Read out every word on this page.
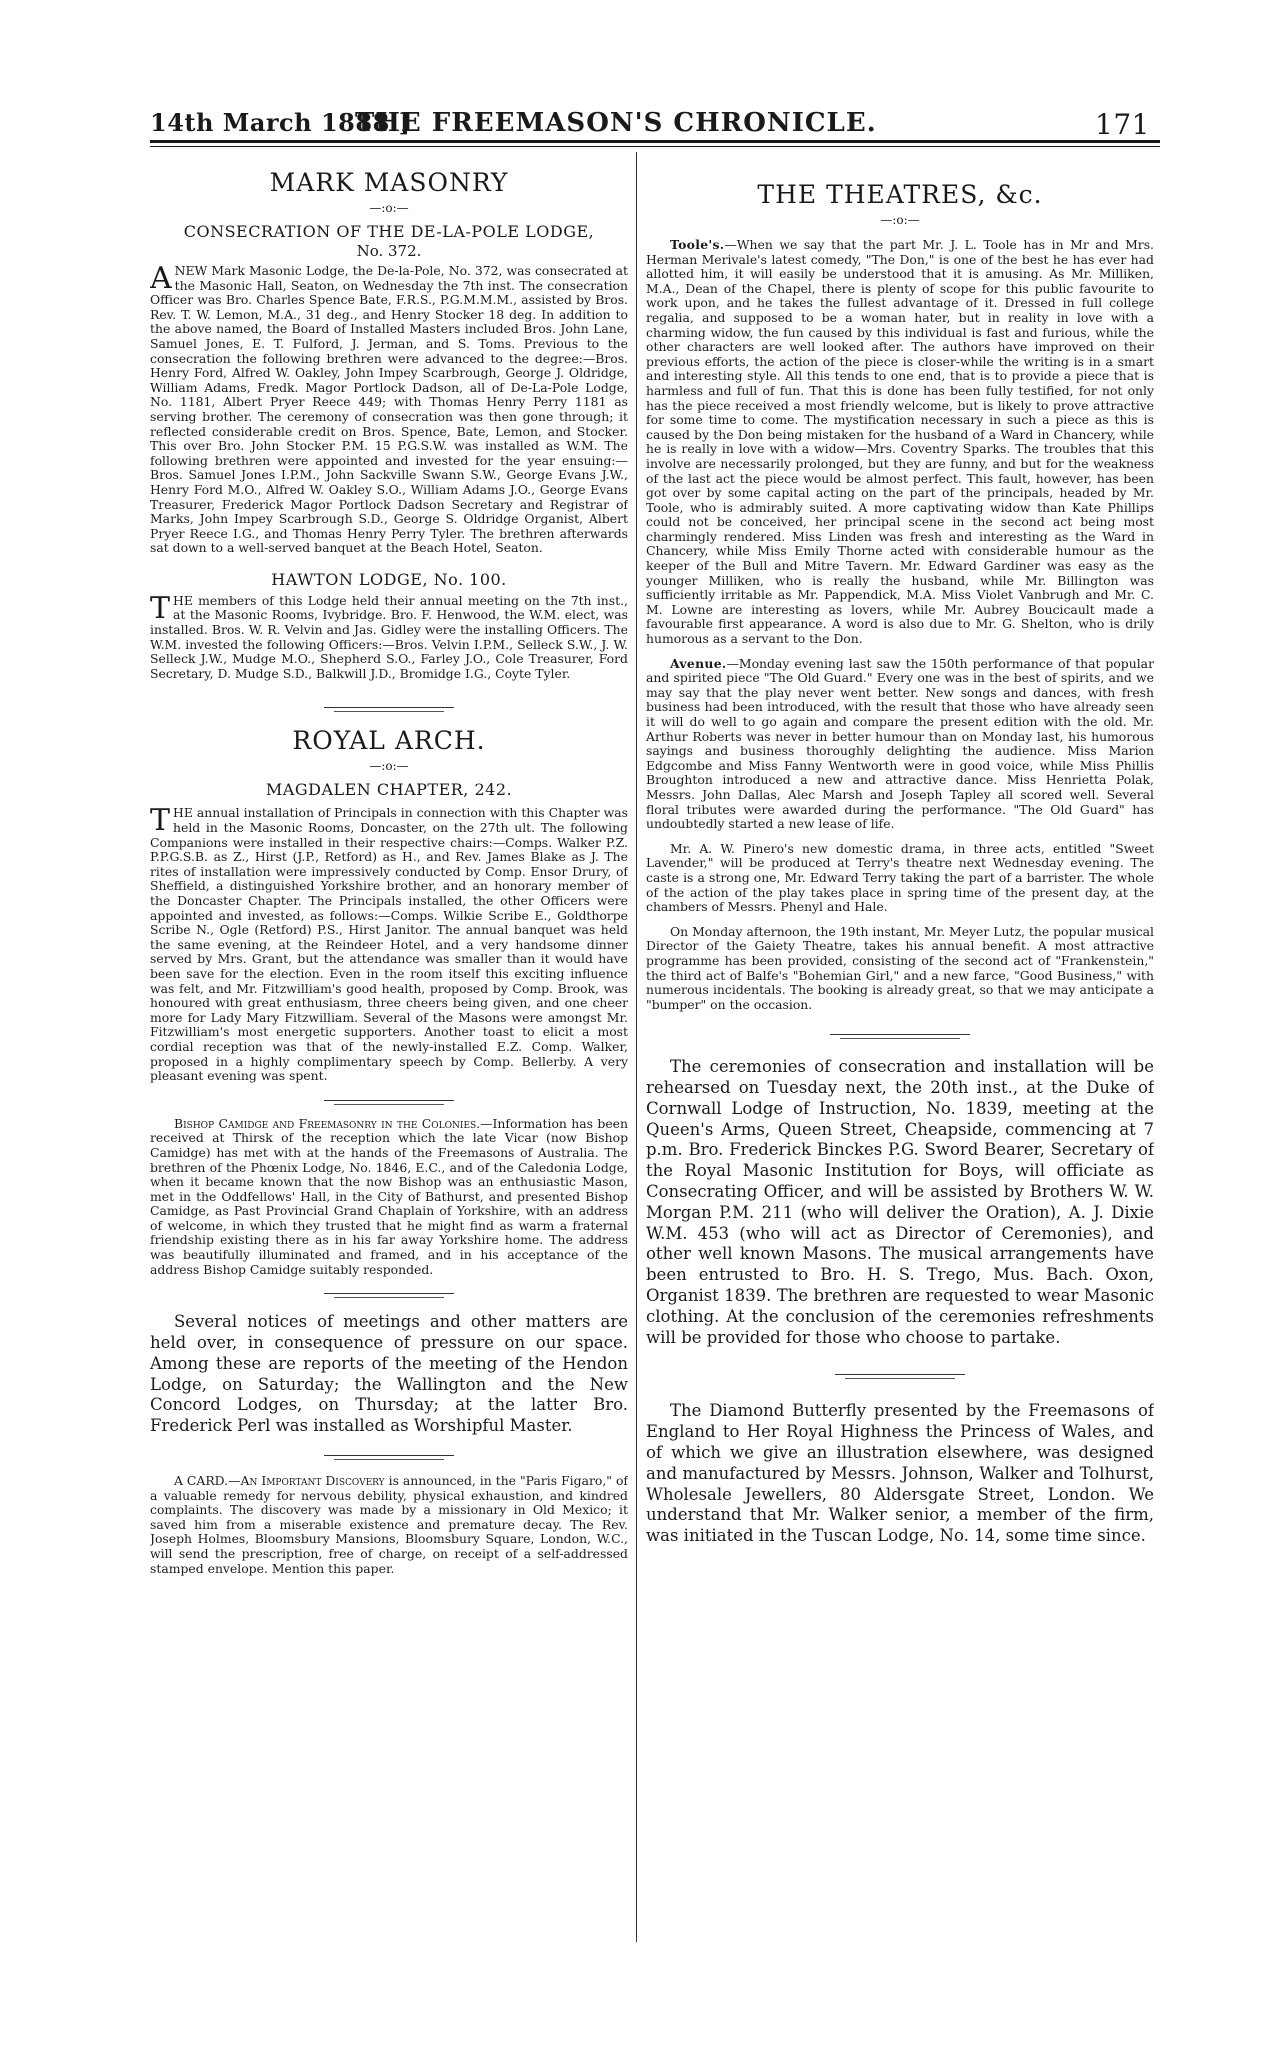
14th March 1888.]
THE FREEMASON'S CHRONICLE.	171
MARK MASONRY
—:o:—
CONSECRATION OF THE DE-LA-POLE LODGE,
No. 372.

ANEW Mark Masonic Lodge, the De-la-Pole, No. 372, was consecrated at the Masonic Hall, Seaton, on Wednesday the 7th inst. The consecration Officer was Bro. Charles Spence Bate, F.R.S., P.G.M.M.M., assisted by Bros. Rev. T. W. Lemon, M.A., 31 deg., and Henry Stocker 18 deg. In addition to the above named, the Board of Installed Masters included Bros. John Lane, Samuel Jones, E. T. Fulford, J. Jerman, and S. Toms. Previous to the consecration the following brethren were advanced to the degree:—Bros. Henry Ford, Alfred W. Oakley, John Impey Scarbrough, George J. Oldridge, William Adams, Fredk. Magor Portlock Dadson, all of De-La-Pole Lodge, No. 1181, Albert Pryer Reece 449; with Thomas Henry Perry 1181 as serving brother. The ceremony of consecration was then gone through; it reflected considerable credit on Bros. Spence, Bate, Lemon, and Stocker. This over Bro. John Stocker P.M. 15 P.G.S.W. was installed as W.M. The following brethren were appointed and invested for the year ensuing:—Bros. Samuel Jones I.P.M., John Sackville Swann S.W., George Evans J.W., Henry Ford M.O., Alfred W. Oakley S.O., William Adams J.O., George Evans Treasurer, Frederick Magor Portlock Dadson Secretary and Registrar of Marks, John Impey Scarbrough S.D., George S. Oldridge Organist, Albert Pryer Reece I.G., and Thomas Henry Perry Tyler. The brethren afterwards sat down to a well-served banquet at the Beach Hotel, Seaton.

HAWTON LODGE, No. 100.

THE members of this Lodge held their annual meeting on the 7th inst., at the Masonic Rooms, Ivybridge. Bro. F. Henwood, the W.M. elect, was installed. Bros. W. R. Velvin and Jas. Gidley were the installing Officers. The W.M. invested the following Officers:—Bros. Velvin I.P.M., Selleck S.W., J. W. Selleck J.W., Mudge M.O., Shepherd S.O., Farley J.O., Cole Treasurer, Ford Secretary, D. Mudge S.D., Balkwill J.D., Bromidge I.G., Coyte Tyler.

ROYAL ARCH.
—:o:—
MAGDALEN CHAPTER, 242.

THE annual installation of Principals in connection with this Chapter was held in the Masonic Rooms, Doncaster, on the 27th ult. The following Companions were installed in their respective chairs:—Comps. Walker P.Z. P.P.G.S.B. as Z., Hirst (J.P., Retford) as H., and Rev. James Blake as J. The rites of installation were impressively conducted by Comp. Ensor Drury, of Sheffield, a distinguished Yorkshire brother, and an honorary member of the Doncaster Chapter. The Principals installed, the other Officers were appointed and invested, as follows:—Comps. Wilkie Scribe E., Goldthorpe Scribe N., Ogle (Retford) P.S., Hirst Janitor. The annual banquet was held the same evening, at the Reindeer Hotel, and a very handsome dinner served by Mrs. Grant, but the attendance was smaller than it would have been save for the election. Even in the room itself this exciting influence was felt, and Mr. Fitzwilliam's good health, proposed by Comp. Brook, was honoured with great enthusiasm, three cheers being given, and one cheer more for Lady Mary Fitzwilliam. Several of the Masons were amongst Mr. Fitzwilliam's most energetic supporters. Another toast to elicit a most cordial reception was that of the newly-installed E.Z. Comp. Walker, proposed in a highly complimentary speech by Comp. Bellerby. A very pleasant evening was spent.

Bishop Camidge and Freemasonry in the Colonies.—Information has been received at Thirsk of the reception which the late Vicar (now Bishop Camidge) has met with at the hands of the Freemasons of Australia. The brethren of the Phœnix Lodge, No. 1846, E.C., and of the Caledonia Lodge, when it became known that the now Bishop was an enthusiastic Mason, met in the Oddfellows' Hall, in the City of Bathurst, and presented Bishop Camidge, as Past Provincial Grand Chaplain of Yorkshire, with an address of welcome, in which they trusted that he might find as warm a fraternal friendship existing there as in his far away Yorkshire home. The address was beautifully illuminated and framed, and in his acceptance of the address Bishop Camidge suitably responded.

Several notices of meetings and other matters are held over, in consequence of pressure on our space. Among these are reports of the meeting of the Hendon Lodge, on Saturday; the Wallington and the New Concord Lodges, on Thursday; at the latter Bro. Frederick Perl was installed as Worshipful Master.

A CARD.—An Important Discovery is announced, in the "Paris Figaro," of a valuable remedy for nervous debility, physical exhaustion, and kindred complaints. The discovery was made by a missionary in Old Mexico; it saved him from a miserable existence and premature decay. The Rev. Joseph Holmes, Bloomsbury Mansions, Bloomsbury Square, London, W.C., will send the prescription, free of charge, on receipt of a self-addressed stamped envelope. Mention this paper.

THE THEATRES, &c.
—:o:—

Toole's.—When we say that the part Mr. J. L. Toole has in Mr and Mrs. Herman Merivale's latest comedy, "The Don," is one of the best he has ever had allotted him, it will easily be understood that it is amusing. As Mr. Milliken, M.A., Dean of the Chapel, there is plenty of scope for this public favourite to work upon, and he takes the fullest advantage of it. Dressed in full college regalia, and supposed to be a woman hater, but in reality in love with a charming widow, the fun caused by this individual is fast and furious, while the other characters are well looked after. The authors have improved on their previous efforts, the action of the piece is closer-while the writing is in a smart and interesting style. All this tends to one end, that is to provide a piece that is harmless and full of fun. That this is done has been fully testified, for not only has the piece received a most friendly welcome, but is likely to prove attractive for some time to come. The mystification necessary in such a piece as this is caused by the Don being mistaken for the husband of a Ward in Chancery, while he is really in love with a widow—Mrs. Coventry Sparks. The troubles that this involve are necessarily prolonged, but they are funny, and but for the weakness of the last act the piece would be almost perfect. This fault, however, has been got over by some capital acting on the part of the principals, headed by Mr. Toole, who is admirably suited. A more captivating widow than Kate Phillips could not be conceived, her principal scene in the second act being most charmingly rendered. Miss Linden was fresh and interesting as the Ward in Chancery, while Miss Emily Thorne acted with considerable humour as the keeper of the Bull and Mitre Tavern. Mr. Edward Gardiner was easy as the younger Milliken, who is really the husband, while Mr. Billington was sufficiently irritable as Mr. Pappendick, M.A. Miss Violet Vanbrugh and Mr. C. M. Lowne are interesting as lovers, while Mr. Aubrey Boucicault made a favourable first appearance. A word is also due to Mr. G. Shelton, who is drily humorous as a servant to the Don.

Avenue.—Monday evening last saw the 150th performance of that popular and spirited piece "The Old Guard." Every one was in the best of spirits, and we may say that the play never went better. New songs and dances, with fresh business had been introduced, with the result that those who have already seen it will do well to go again and compare the present edition with the old. Mr. Arthur Roberts was never in better humour than on Monday last, his humorous sayings and business thoroughly delighting the audience. Miss Marion Edgcombe and Miss Fanny Wentworth were in good voice, while Miss Phillis Broughton introduced a new and attractive dance. Miss Henrietta Polak, Messrs. John Dallas, Alec Marsh and Joseph Tapley all scored well. Several floral tributes were awarded during the performance. "The Old Guard" has undoubtedly started a new lease of life.

Mr. A. W. Pinero's new domestic drama, in three acts, entitled "Sweet Lavender," will be produced at Terry's theatre next Wednesday evening. The caste is a strong one, Mr. Edward Terry taking the part of a barrister. The whole of the action of the play takes place in spring time of the present day, at the chambers of Messrs. Phenyl and Hale.

On Monday afternoon, the 19th instant, Mr. Meyer Lutz, the popular musical Director of the Gaiety Theatre, takes his annual benefit. A most attractive programme has been provided, consisting of the second act of "Frankenstein," the third act of Balfe's "Bohemian Girl," and a new farce, "Good Business," with numerous incidentals. The booking is already great, so that we may anticipate a "bumper" on the occasion.

The ceremonies of consecration and installation will be rehearsed on Tuesday next, the 20th inst., at the Duke of Cornwall Lodge of Instruction, No. 1839, meeting at the Queen's Arms, Queen Street, Cheapside, commencing at 7 p.m. Bro. Frederick Binckes P.G. Sword Bearer, Secretary of the Royal Masonic Institution for Boys, will officiate as Consecrating Officer, and will be assisted by Brothers W. W. Morgan P.M. 211 (who will deliver the Oration), A. J. Dixie W.M. 453 (who will act as Director of Ceremonies), and other well known Masons. The musical arrangements have been entrusted to Bro. H. S. Trego, Mus. Bach. Oxon, Organist 1839. The brethren are requested to wear Masonic clothing. At the conclusion of the ceremonies refreshments will be provided for those who choose to partake.

The Diamond Butterfly presented by the Freemasons of England to Her Royal Highness the Princess of Wales, and of which we give an illustration elsewhere, was designed and manufactured by Messrs. Johnson, Walker and Tolhurst, Wholesale Jewellers, 80 Aldersgate Street, London. We understand that Mr. Walker senior, a member of the firm, was initiated in the Tuscan Lodge, No. 14, some time since.
